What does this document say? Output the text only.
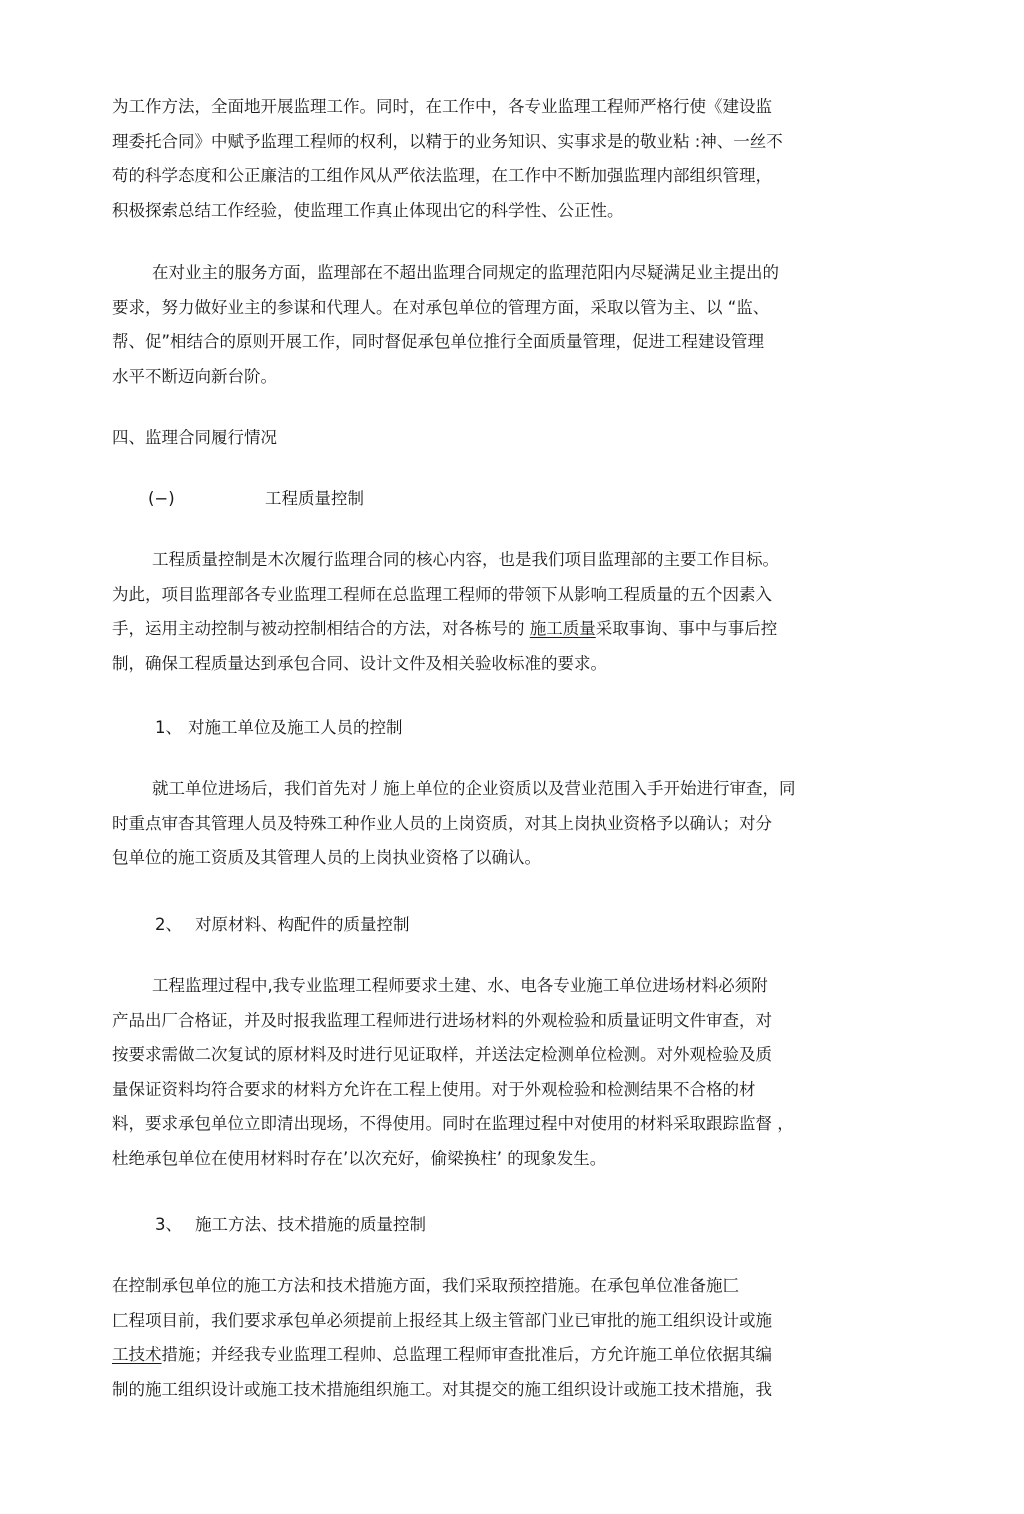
为工作方法，全面地开展监理工作。同时，在工作中，各专业监理工程师严格行使《建设监
理委托合同》中赋予监理工程师的权利，以精于的业务知识、实事求是的敬业粘 :神、一丝不
苟的科学态度和公正廉洁的工组作风从严依法监理，在工作中不断加强监理内部组织管理，
积极探索总结工作经验，使监理工作真止体现出它的科学性、公正性。
在对业主的服务方面，监理部在不超出监理合同规定的监理范阳内尽疑满足业主提出的
要求，努力做好业主的参谋和代理人。在对承包单位的管理方面，采取以管为主、以 “监、
帮、促”相结合的原则开展工作，同时督促承包单位推行全面质量管理，促进工程建设管理
水平不断迈向新台阶。
四、监理合同履行情况
(−)	工程质量控制
工程质量控制是木次履行监理合同的核心内容，也是我们项目监理部的主要工作目标。
为此，项目监理部各专业监理工程师在总监理工程师的带领下从影响工程质量的五个因素入
手，运用主动控制与被动控制相结合的方法，对各栋号的 施工质量采取事询、事中与事后控
制，确保工程质量达到承包合同、设计文件及相关验收标准的要求。
1、 对施工单位及施工人员的控制
就工单位进场后，我们首先对丿施上单位的企业资质以及营业范围入手开始进行审查，同
时重点审杳其管理人员及特殊工种作业人员的上岗资质，对其上岗执业资格予以确认；对分
包单位的施工资质及其管理人员的上岗执业资格了以确认。
2、 对原材料、构配件的质量控制
工程监理过程中,我专业监理工程师要求土建、水、电各专业施工单位进场材料必须附
产品出厂合格证，并及时报我监理工程师进行进场材料的外观检验和质量证明文件审查，对
按要求需做二次复试的原材料及时进行见证取样，并送法定检测单位检测。对外观检验及质
量保证资料均符合要求的材料方允许在工程上使用。对于外观检验和检测结果不合格的材
料，要求承包单位立即清出现场，不得使用。同时在监理过程中对使用的材料采取跟踪监督 ，
杜绝承包单位在使用材料时存在’以次充好，偷梁换柱’ 的现象发生。
3、 施工方法、技术措施的质量控制
在控制承包单位的施工方法和技术措施方面，我们采取预控措施。在承包单位准备施匚
匚程项目前，我们要求承包单必须提前上报经其上级主管部门业已审批的施工组织设计或施
工技术措施；并经我专业监理工程帅、总监理工程师审查批准后，方允许施工单位依据其编
制的施工组织设计或施工技术措施组织施工。对其提交的施工组织设计或施工技术措施，我
